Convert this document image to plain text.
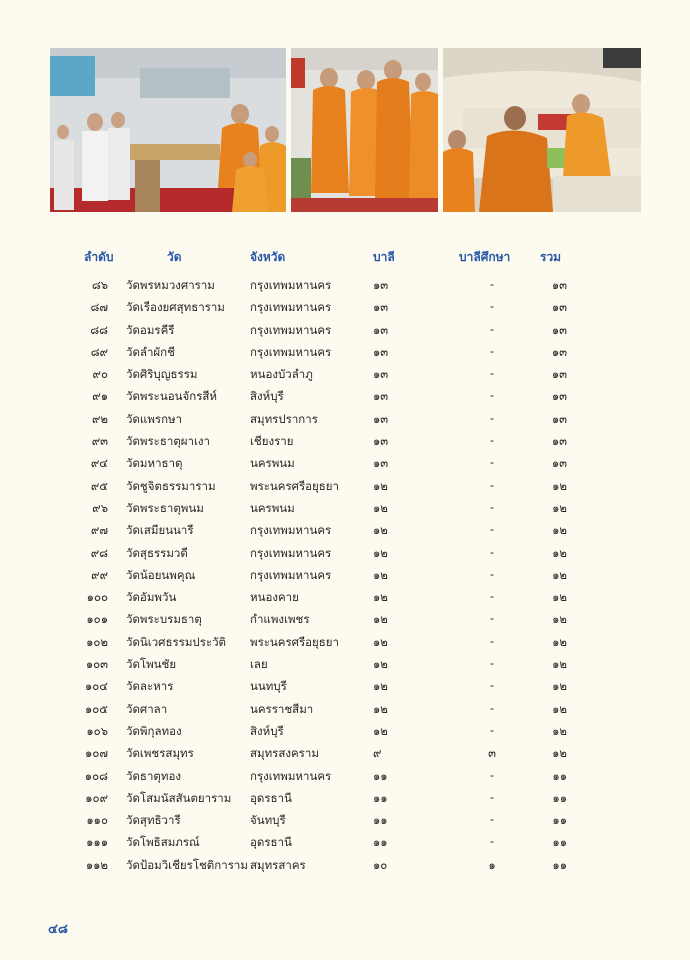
ลำดับ	วัด	จังหวัด	บาลี	บาลีศึกษา รวม
๘๖ วัดพรหมวงศาราม	กรุงเทพมหานคร	๑๓	-	๑๓
๘๗ วัดเรืองยศสุทธาราม กรุงเทพมหานคร	๑๓	-	๑๓
๘๘ วัดอมรคีรี	กรุงเทพมหานคร	๑๓	-	๑๓
๘๙ วัดลำผักชี	กรุงเทพมหานคร	๑๓	-	๑๓
๙๐ วัดศิริบุญธรรม	หนองบัวลำภู	๑๓	-	๑๓
๙๑ วัดพระนอนจักรสีห์	สิงห์บุรี	๑๓	-	๑๓
๙๒ วัดแพรกษา	สมุทรปราการ	๑๓	-	๑๓
๙๓ วัดพระธาตุผาเงา	เชียงราย	๑๓	-	๑๓
๙๔ วัดมหาธาตุ	นครพนม	๑๓	-	๑๓
๙๕ วัดชูจิตธรรมาราม	พระนครศรีอยุธยา	๑๒	-	๑๒
๙๖ วัดพระธาตุพนม	นครพนม	๑๒	-	๑๒
๙๗ วัดเสมียนนารี	กรุงเทพมหานคร	๑๒	-	๑๒
๙๘ วัดสุธรรมวดี	กรุงเทพมหานคร	๑๒	-	๑๒
๙๙ วัดน้อยนพคุณ	กรุงเทพมหานคร	๑๒	-	๑๒
๑๐๐ วัดอัมพวัน	หนองคาย	๑๒	-	๑๒
๑๐๑ วัดพระบรมธาตุ	กำแพงเพชร	๑๒	-	๑๒
๑๐๒ วัดนิเวศธรรมประวัติ พระนครศรีอยุธยา	๑๒	-	๑๒
๑๐๓ วัดโพนชัย	เลย	๑๒	-	๑๒
๑๐๔ วัดละหาร	นนทบุรี	๑๒	-	๑๒
๑๐๕ วัดศาลา	นครราชสีมา	๑๒	-	๑๒
๑๐๖ วัดพิกุลทอง	สิงห์บุรี	๑๒	-	๑๒
๑๐๗ วัดเพชรสมุทร	สมุทรสงคราม	๙	๓	๑๒
๑๐๘ วัดธาตุทอง	กรุงเทพมหานคร	๑๑	-	๑๑
๑๐๙ วัดโสมนัสสันตยาราม อุดรธานี	๑๑	-	๑๑
๑๑๐ วัดสุทธิวารี	จันทบุรี	๑๑	-	๑๑
๑๑๑ วัดโพธิสมภรณ์	อุดรธานี	๑๑	-	๑๑
๑๑๒ วัดป้อมวิเชียรโชติการาม สมุทรสาคร	๑๐	๑	๑๑
๔๘
